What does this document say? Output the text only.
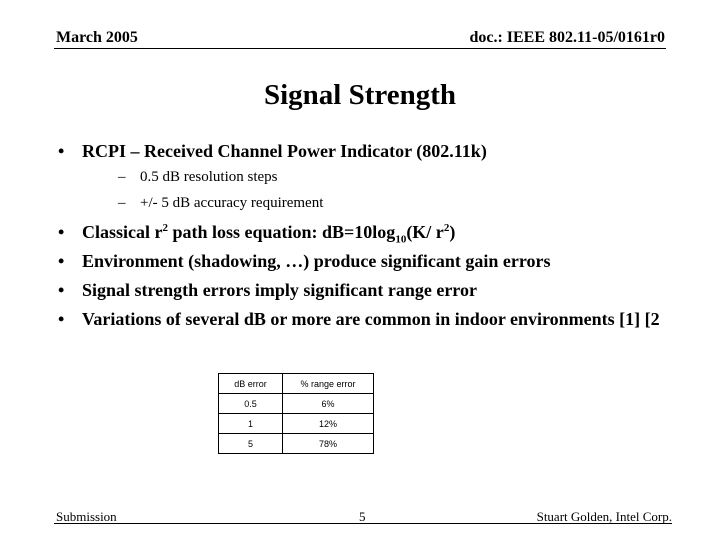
March 2005	doc.: IEEE 802.11-05/0161r0
Signal Strength
• RCPI – Received Channel Power Indicator (802.11k)
– 0.5 dB resolution steps
– +/- 5 dB accuracy requirement
• Classical $r^2$ path loss equation: $dB=10\log_{10}(K/$ $r^2$)
• Environment (shadowing, …) produce significant gain errors
• Signal strength errors imply significant range error
• Variations of several dB or more are common in indoor environments [1] [2
dB error	% range error
0.5	6%
1	12%
5	78%
Submission	5	Stuart Golden, Intel Corp.
